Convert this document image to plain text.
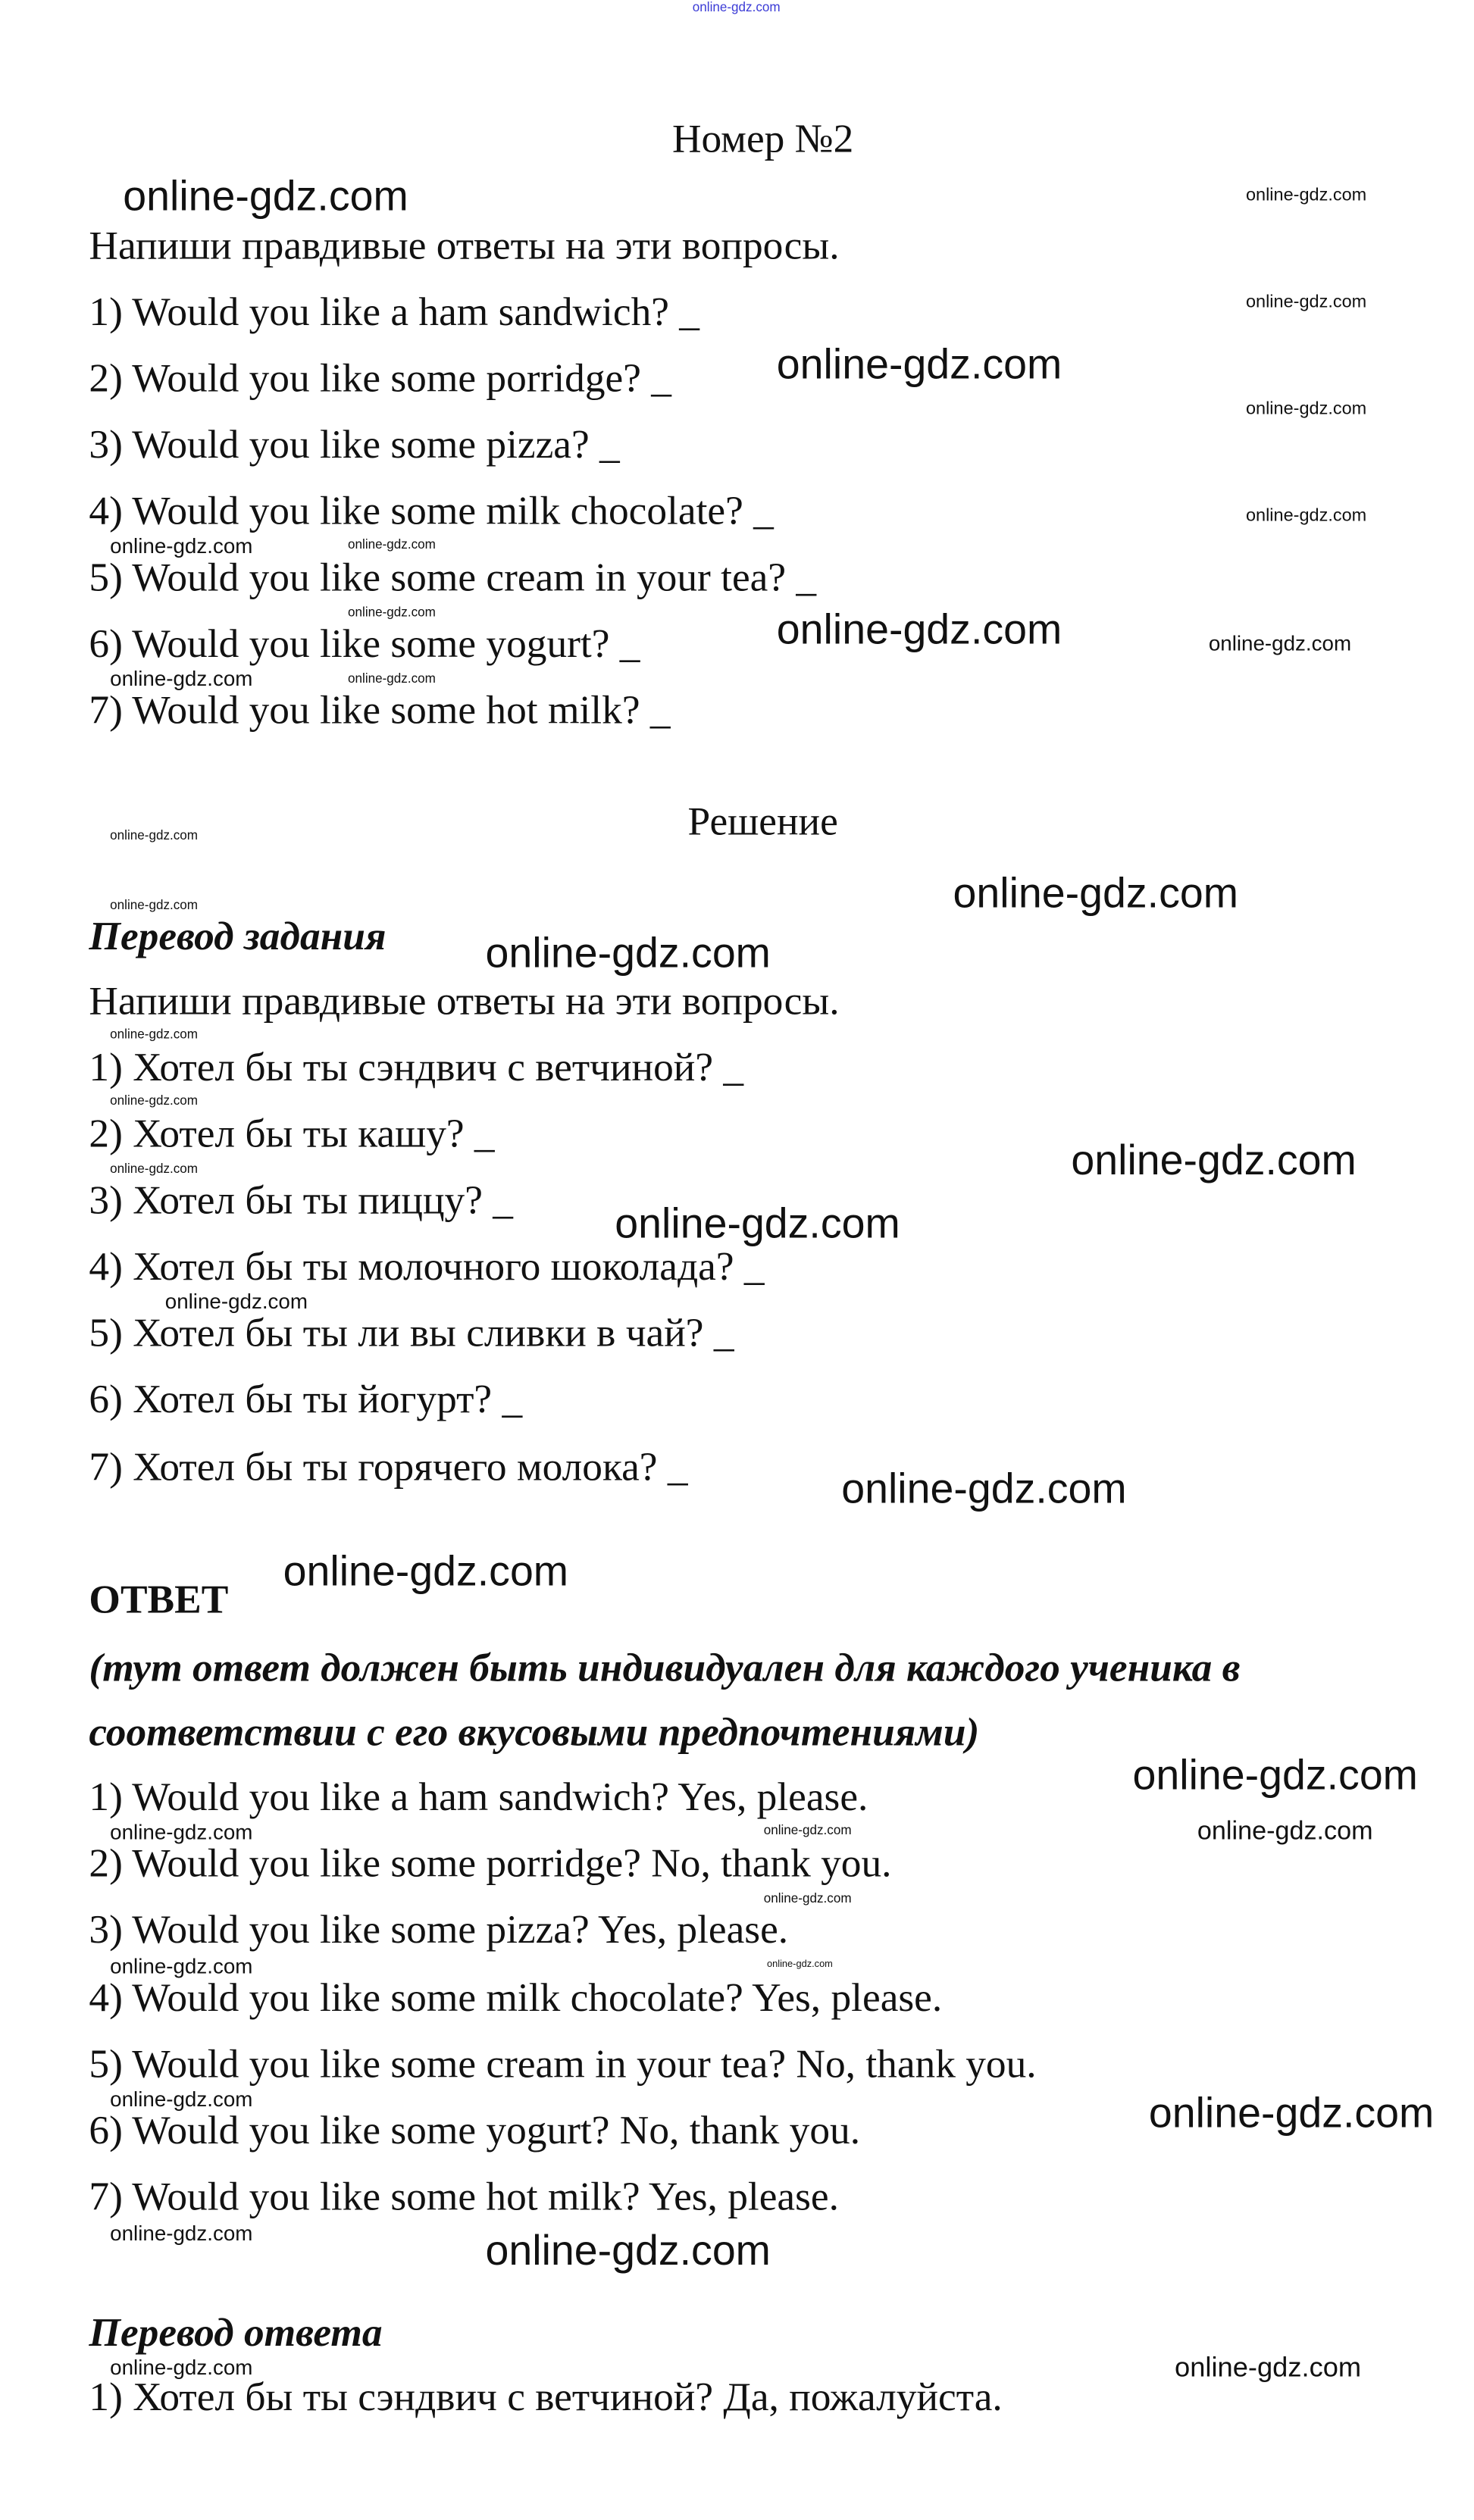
Номер №2
Напиши правдивые ответы на эти вопросы.
1) Would you like a ham sandwich? _
2) Would you like some porridge? _
3) Would you like some pizza? _
4) Would you like some milk chocolate? _
5) Would you like some cream in your tea? _
6) Would you like some yogurt? _
7) Would you like some hot milk? _
Решение
Перевод задания
Напиши правдивые ответы на эти вопросы.
1) Хотел бы ты сэндвич с ветчиной? _
2) Хотел бы ты кашу? _
3) Хотел бы ты пиццу? _
4) Хотел бы ты молочного шоколада? _
5) Хотел бы ты ли вы сливки в чай? _
6) Хотел бы ты йогурт? _
7) Хотел бы ты горячего молока? _
ОТВЕТ
(тут ответ должен быть индивидуален для каждого ученика в
соответствии с его вкусовыми предпочтениями)
1) Would you like a ham sandwich? Yes, please.
2) Would you like some porridge? No, thank you.
3) Would you like some pizza? Yes, please.
4) Would you like some milk chocolate? Yes, please.
5) Would you like some cream in your tea? No, thank you.
6) Would you like some yogurt? No, thank you.
7) Would you like some hot milk? Yes, please.
Перевод ответа
1) Хотел бы ты сэндвич с ветчиной? Да, пожалуйста.
online-gdz.com
online-gdz.com
online-gdz.com
online-gdz.com
online-gdz.com
online-gdz.com
online-gdz.com
online-gdz.com
online-gdz.com
online-gdz.com
online-gdz.com
online-gdz.com
online-gdz.com
online-gdz.com
online-gdz.com
online-gdz.com
online-gdz.com
online-gdz.com
online-gdz.com
online-gdz.com
online-gdz.com
online-gdz.com
online-gdz.com
online-gdz.com
online-gdz.com
online-gdz.com
online-gdz.com
online-gdz.com
online-gdz.com
online-gdz.com
online-gdz.com
online-gdz.com
online-gdz.com
online-gdz.com
online-gdz.com
online-gdz.com
online-gdz.com
online-gdz.com
online-gdz.com
